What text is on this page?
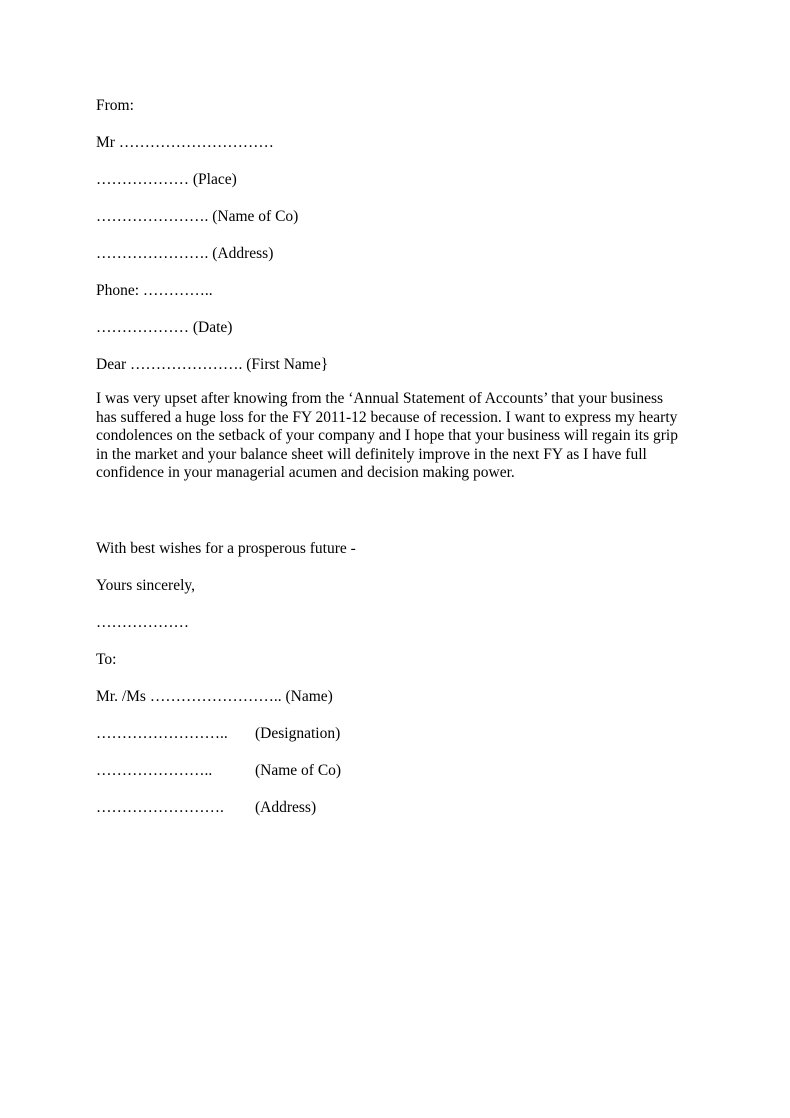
From:
Mr …………………………
……………… (Place)
…………………. (Name of Co)
…………………. (Address)
Phone: …………..
……………… (Date)
Dear …………………. (First Name}
I was very upset after knowing from the ‘Annual Statement of Accounts’ that your business
has suffered a huge loss for the FY 2011-12 because of recession. I want to express my hearty
condolences on the setback of your company and I hope that your business will regain its grip
in the market and your balance sheet will definitely improve in the next FY as I have full
confidence in your managerial acumen and decision making power.
With best wishes for a prosperous future -
Yours sincerely,
………………
To:
Mr. /Ms …………………….. (Name)
…………………….. (Designation)
…………………..	(Name of Co)
……………………. (Address)
